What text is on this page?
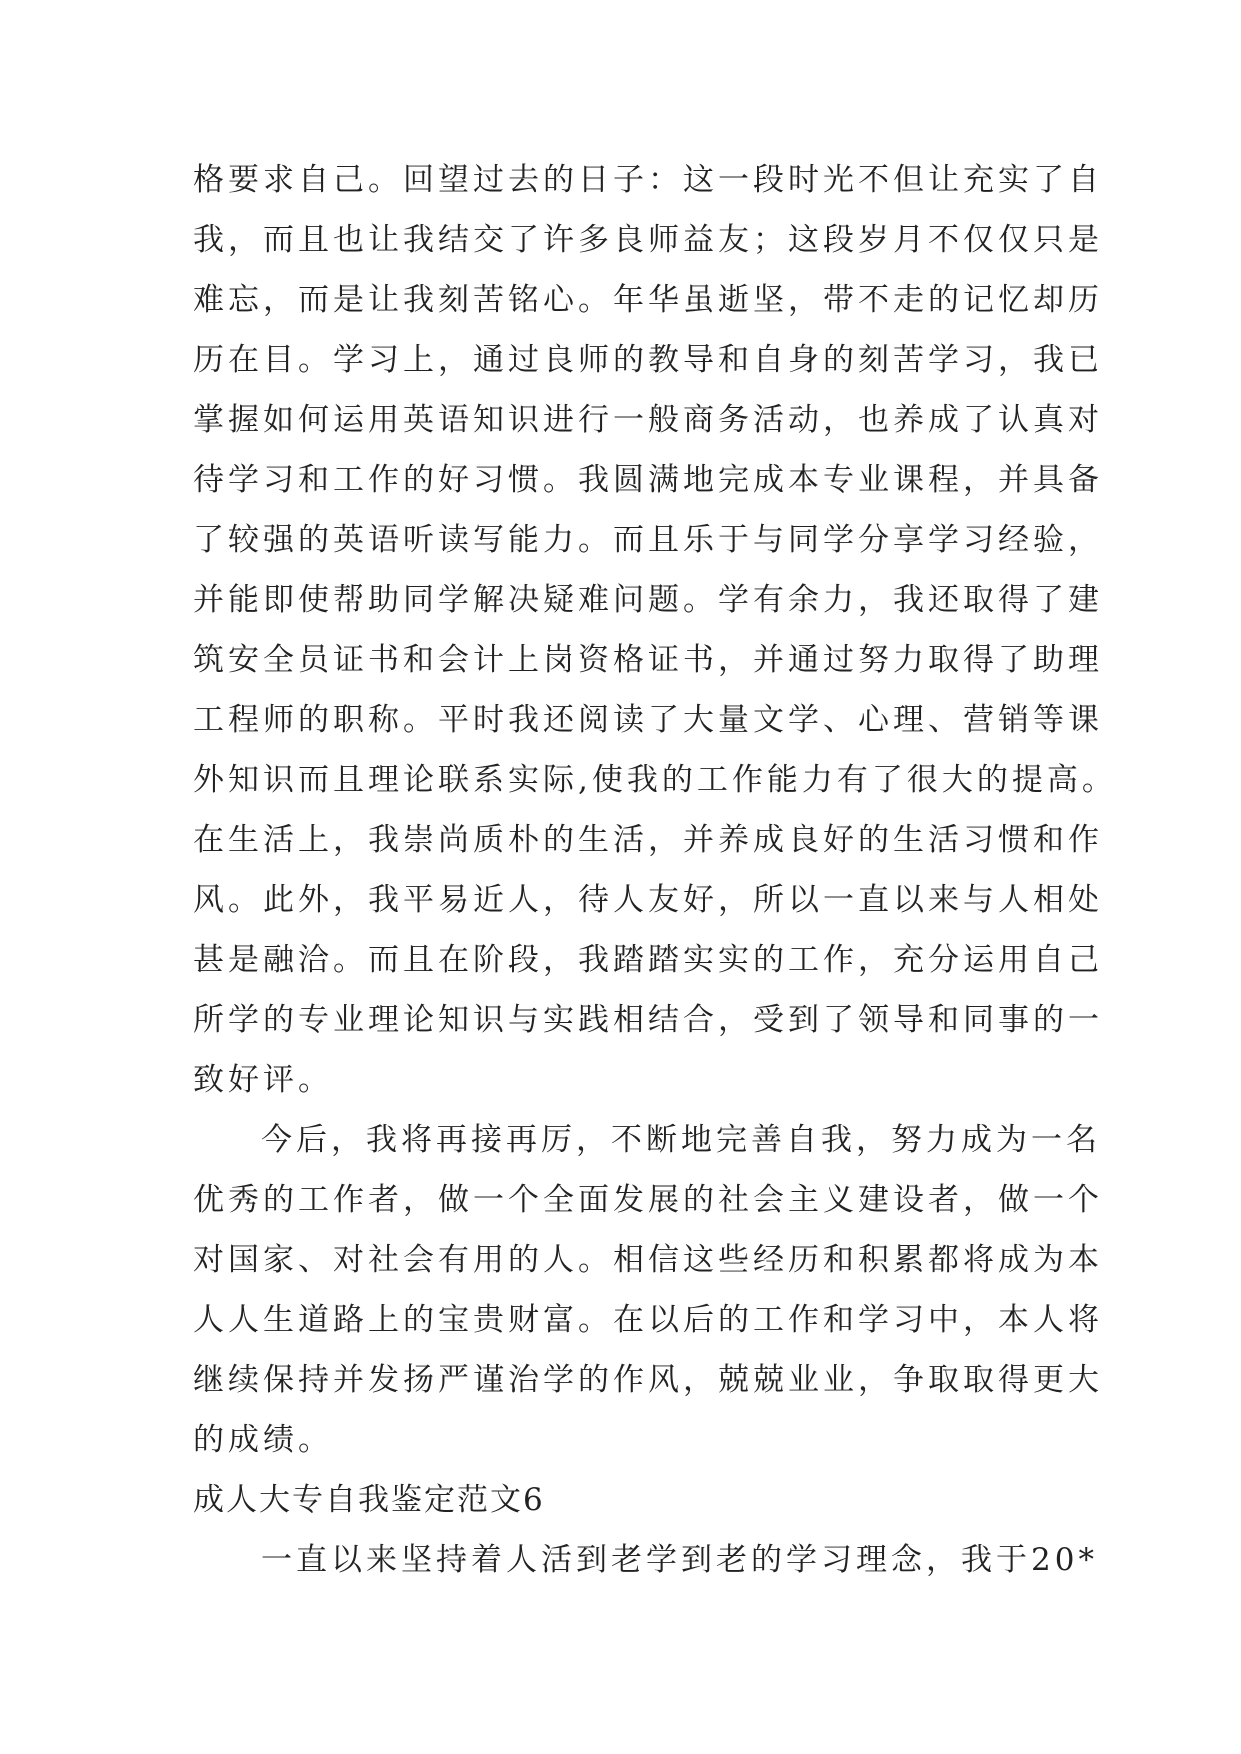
格要求自己。回望过去的日子：这一段时光不但让充实了自
我，而且也让我结交了许多良师益友；这段岁月不仅仅只是
难忘，而是让我刻苦铭心。年华虽逝坚，带不走的记忆却历
历在目。学习上，通过良师的教导和自身的刻苦学习，我已
掌握如何运用英语知识进行一般商务活动，也养成了认真对
待学习和工作的好习惯。我圆满地完成本专业课程，并具备
了较强的英语听读写能力。而且乐于与同学分享学习经验，
并能即使帮助同学解决疑难问题。学有余力，我还取得了建
筑安全员证书和会计上岗资格证书，并通过努力取得了助理
工程师的职称。平时我还阅读了大量文学、心理、营销等课
外知识而且理论联系实际,使我的工作能力有了很大的提高。
在生活上，我崇尚质朴的生活，并养成良好的生活习惯和作
风。此外，我平易近人，待人友好，所以一直以来与人相处
甚是融洽。而且在阶段，我踏踏实实的工作，充分运用自己
所学的专业理论知识与实践相结合，受到了领导和同事的一
致好评。
今后，我将再接再厉，不断地完善自我，努力成为一名
优秀的工作者，做一个全面发展的社会主义建设者，做一个
对国家、对社会有用的人。相信这些经历和积累都将成为本
人人生道路上的宝贵财富。在以后的工作和学习中，本人将
继续保持并发扬严谨治学的作风，兢兢业业，争取取得更大
的成绩。
成人大专自我鉴定范文6
一直以来坚持着人活到老学到老的学习理念，我于20*
